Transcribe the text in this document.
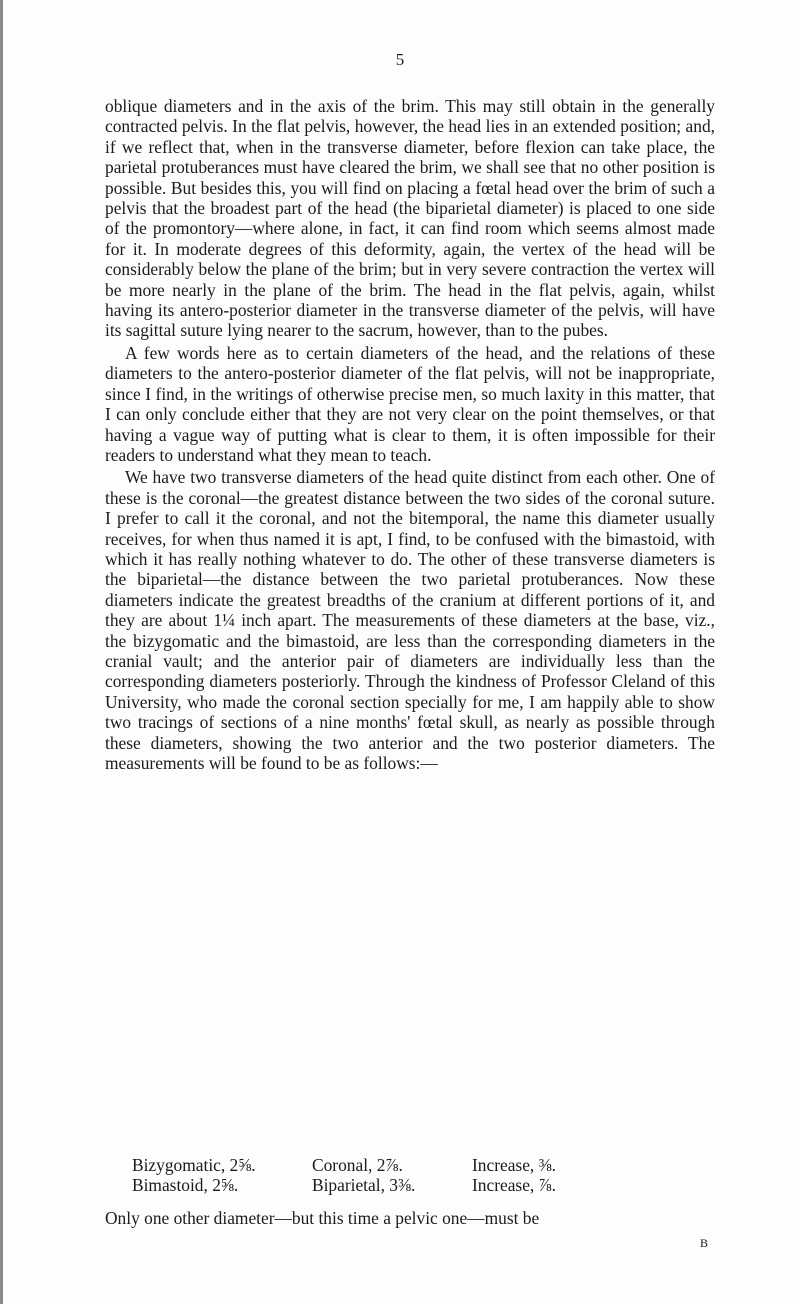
5

oblique diameters and in the axis of the brim. This may still obtain in the generally contracted pelvis. In the flat pelvis, however, the head lies in an extended position; and, if we reflect that, when in the transverse diameter, before flexion can take place, the parietal protuberances must have cleared the brim, we shall see that no other position is possible. But besides this, you will find on placing a fœtal head over the brim of such a pelvis that the broadest part of the head (the biparietal diameter) is placed to one side of the promontory—where alone, in fact, it can find room which seems almost made for it. In moderate degrees of this deformity, again, the vertex of the head will be considerably below the plane of the brim; but in very severe contraction the vertex will be more nearly in the plane of the brim. The head in the flat pelvis, again, whilst having its antero-posterior diameter in the transverse diameter of the pelvis, will have its sagittal suture lying nearer to the sacrum, however, than to the pubes.

A few words here as to certain diameters of the head, and the relations of these diameters to the antero-posterior diameter of the flat pelvis, will not be inappropriate, since I find, in the writings of otherwise precise men, so much laxity in this matter, that I can only conclude either that they are not very clear on the point themselves, or that having a vague way of putting what is clear to them, it is often impossible for their readers to understand what they mean to teach.

We have two transverse diameters of the head quite distinct from each other. One of these is the coronal—the greatest distance between the two sides of the coronal suture. I prefer to call it the coronal, and not the bitemporal, the name this diameter usually receives, for when thus named it is apt, I find, to be confused with the bimastoid, with which it has really nothing whatever to do. The other of these transverse diameters is the biparietal—the distance between the two parietal protuberances. Now these diameters indicate the greatest breadths of the cranium at different portions of it, and they are about 1¼ inch apart. The measurements of these diameters at the base, viz., the bizygomatic and the bimastoid, are less than the corresponding diameters in the cranial vault; and the anterior pair of diameters are individually less than the corresponding diameters posteriorly. Through the kindness of Professor Cleland of this University, who made the coronal section specially for me, I am happily able to show two tracings of sections of a nine months' fœtal skull, as nearly as possible through these diameters, showing the two anterior and the two posterior diameters. The measurements will be found to be as follows:—

Bizygomatic, 2⅝.	Coronal, 2⅞.	Increase, ⅜.
Bimastoid, 2⅝.	Biparietal, 3⅜.	Increase, ⅞.
Only one other diameter—but this time a pelvic one—must be
B
